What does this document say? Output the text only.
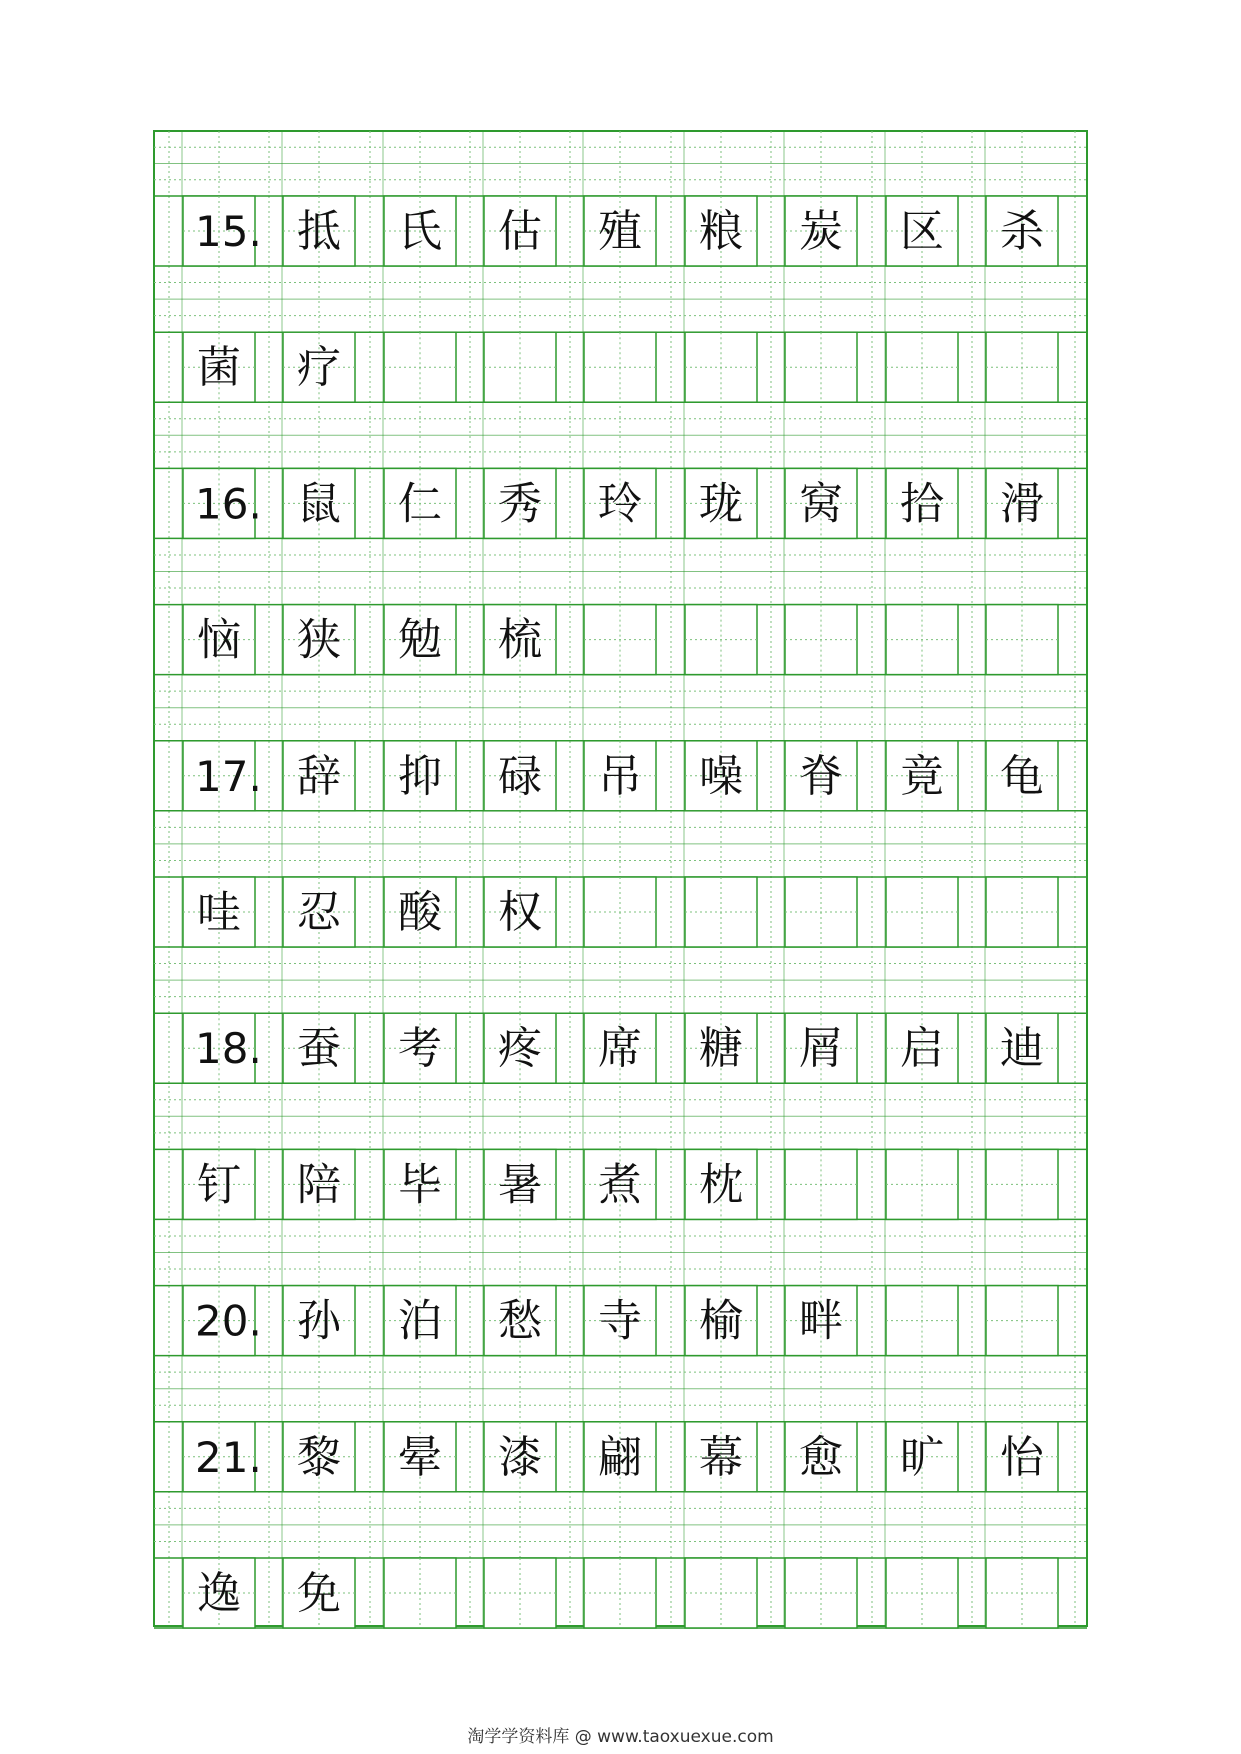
15. 抵 氏 估 殖 粮 炭 区 杀
菌 疗
16. 鼠 仁 秀 玲 珑 窝 拾 滑
恼 狭 勉 梳
17. 辞 抑 碌 吊 噪 脊 竟 龟
哇 忍 酸 权
18. 蚕 考 疼 席 糖 屑 启 迪
钉 陪 毕 暑 煮 枕
20. 孙 泊 愁 寺 榆 畔
21. 黎 晕 漆 翩 幕 愈 旷 怡
逸 免
淘学学资料库 @ www.taoxuexue.com
